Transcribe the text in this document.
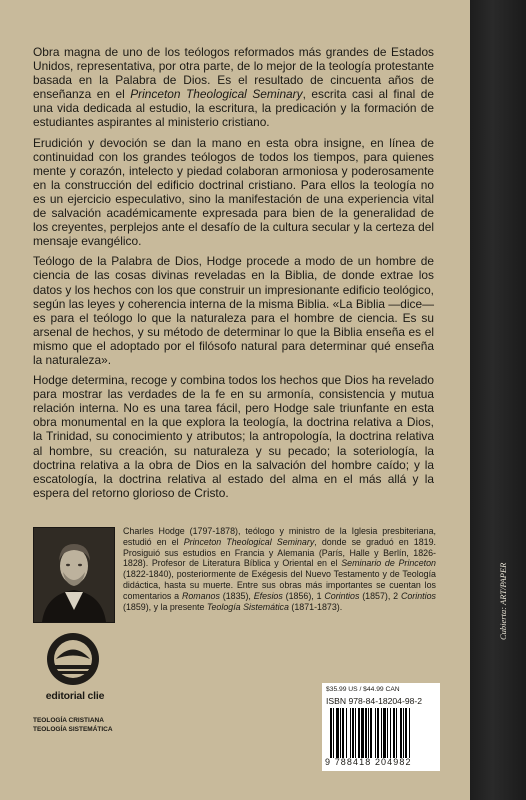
Obra magna de uno de los teólogos reformados más grandes de Estados Unidos, representativa, por otra parte, de lo mejor de la teología protestante basada en la Palabra de Dios. Es el resultado de cincuenta años de enseñanza en el Princeton Theological Seminary, escrita casi al final de una vida dedicada al estudio, la escritura, la predicación y la formación de estudiantes aspirantes al ministerio cristiano.

Erudición y devoción se dan la mano en esta obra insigne, en línea de continuidad con los grandes teólogos de todos los tiempos, para quienes mente y corazón, intelecto y piedad colaboran armoniosa y poderosamente en la construcción del edificio doctrinal cristiano. Para ellos la teología no es un ejercicio especulativo, sino la manifestación de una experiencia vital de salvación académicamente expresada para bien de la generalidad de los creyentes, perplejos ante el desafío de la cultura secular y la certeza del mensaje evangélico.

Teólogo de la Palabra de Dios, Hodge procede a modo de un hombre de ciencia de las cosas divinas reveladas en la Biblia, de donde extrae los datos y los hechos con los que construir un impresionante edificio teológico, según las leyes y coherencia interna de la misma Biblia. «La Biblia —dice— es para el teólogo lo que la naturaleza para el hombre de ciencia. Es su arsenal de hechos, y su método de determinar lo que la Biblia enseña es el mismo que el adoptado por el filósofo natural para determinar qué enseña la naturaleza».

Hodge determina, recoge y combina todos los hechos que Dios ha revelado para mostrar las verdades de la fe en su armonía, consistencia y mutua relación interna. No es una tarea fácil, pero Hodge sale triunfante en esta obra monumental en la que explora la teología, la doctrina relativa a Dios, la Trinidad, su conocimiento y atributos; la antropología, la doctrina relativa al hombre, su creación, su naturaleza y su pecado; la soteriología, la doctrina relativa a la obra de Dios en la salvación del hombre caído; y la escatología, la doctrina relativa al estado del alma en el más allá y la espera del retorno glorioso de Cristo.

Charles Hodge (1797-1878), teólogo y ministro de la Iglesia presbiteriana, estudió en el Princeton Theological Seminary, donde se graduó en 1819. Prosiguió sus estudios en Francia y Alemania (París, Halle y Berlín, 1826-1828). Profesor de Literatura Bíblica y Oriental en el Seminario de Princeton (1822-1840), posteriormente de Exégesis del Nuevo Testamento y de Teología didáctica, hasta su muerte. Entre sus obras más importantes se cuentan los comentarios a Romanos (1835), Efesios (1856), 1 Corintios (1857), 2 Corintios (1859), y la presente Teología Sistemática (1871-1873).

editorial clie
TEOLOGÍA CRISTIANA
TEOLOGÍA SISTEMÁTICA
$35.99 US / $44.99 CAN
ISBN 978-84-18204-98-2
9 788418 204982
Cubierta: ART/PAPER
